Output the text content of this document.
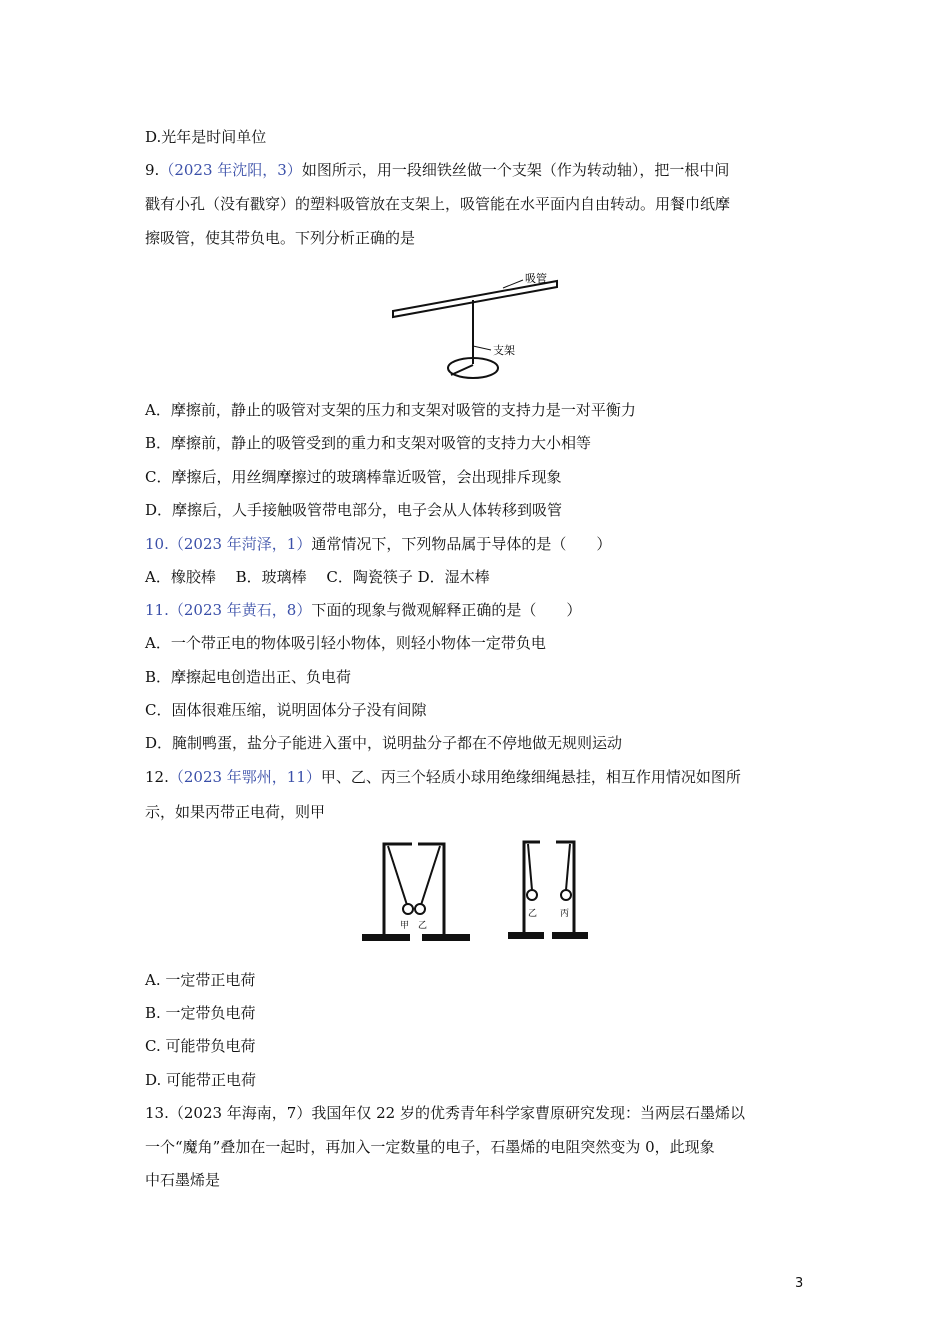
D.光年是时间单位
9.（2023 年沈阳，3）如图所示，用一段细铁丝做一个支架（作为转动轴），把一根中间
戳有小孔（没有戳穿）的塑料吸管放在支架上，吸管能在水平面内自由转动。用餐巾纸摩
擦吸管，使其带负电。下列分析正确的是
吸管
支架
A．摩擦前，静止的吸管对支架的压力和支架对吸管的支持力是一对平衡力
B．摩擦前，静止的吸管受到的重力和支架对吸管的支持力大小相等
C．摩擦后，用丝绸摩擦过的玻璃棒靠近吸管，会出现排斥现象
D．摩擦后，人手接触吸管带电部分，电子会从人体转移到吸管
10.（2023 年菏泽，1）通常情况下，下列物品属于导体的是（　　）
A．橡胶棒　 B．玻璃棒　 C．陶瓷筷子 D．湿木棒
11.（2023 年黄石，8）下面的现象与微观解释正确的是（　　）
A．一个带正电的物体吸引轻小物体，则轻小物体一定带负电
B．摩擦起电创造出正、负电荷
C．固体很难压缩，说明固体分子没有间隙
D．腌制鸭蛋，盐分子能进入蛋中，说明盐分子都在不停地做无规则运动
12.（2023 年鄂州，11）甲、乙、丙三个轻质小球用绝缘细绳悬挂，相互作用情况如图所
示，如果丙带正电荷，则甲
甲 乙
乙	丙
A. 一定带正电荷
B. 一定带负电荷
C. 可能带负电荷
D. 可能带正电荷
13.（2023 年海南，7）我国年仅 22 岁的优秀青年科学家曹原研究发现：当两层石墨烯以
一个“魔角”叠加在一起时，再加入一定数量的电子，石墨烯的电阻突然变为 0，此现象
中石墨烯是
3
